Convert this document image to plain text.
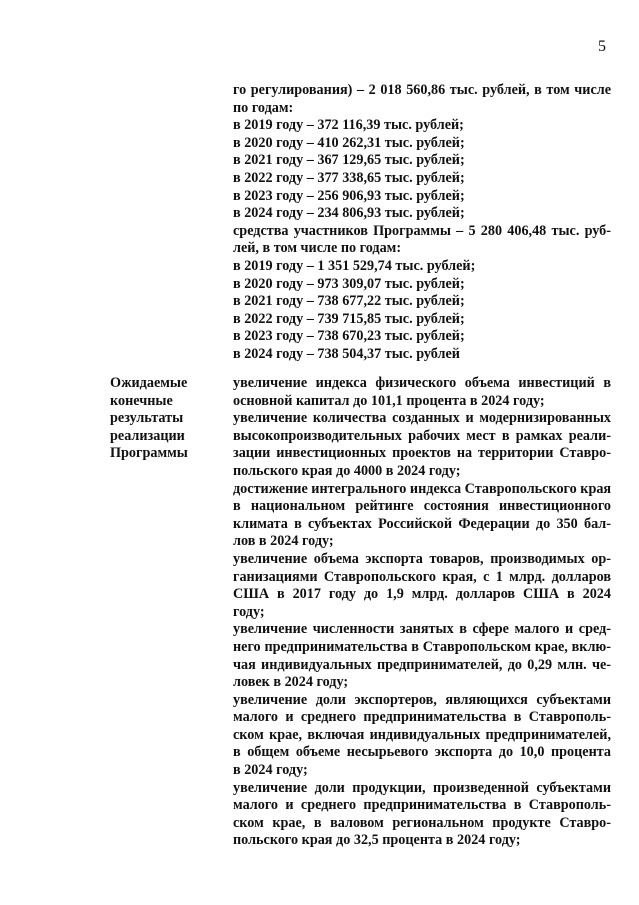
5
го регулирования) – 2 018 560,86 тыс. рублей, в том числе
по годам:
в 2019 году – 372 116,39 тыс. рублей;
в 2020 году – 410 262,31 тыс. рублей;
в 2021 году – 367 129,65 тыс. рублей;
в 2022 году – 377 338,65 тыс. рублей;
в 2023 году – 256 906,93 тыс. рублей;
в 2024 году – 234 806,93 тыс. рублей;
средства участников Программы – 5 280 406,48 тыс. руб-
лей, в том числе по годам:
в 2019 году – 1 351 529,74 тыс. рублей;
в 2020 году – 973 309,07 тыс. рублей;
в 2021 году – 738 677,22 тыс. рублей;
в 2022 году – 739 715,85 тыс. рублей;
в 2023 году – 738 670,23 тыс. рублей;
в 2024 году – 738 504,37 тыс. рублей
Ожидаемые
конечные
результаты
реализации
Программы
увеличение индекса физического объема инвестиций в
основной капитал до 101,1 процента в 2024 году;
увеличение количества созданных и модернизированных
высокопроизводительных рабочих мест в рамках реали-
зации инвестиционных проектов на территории Ставро-
польского края до 4000 в 2024 году;
достижение интегрального индекса Ставропольского края
в национальном рейтинге состояния инвестиционного
климата в субъектах Российской Федерации до 350 бал-
лов в 2024 году;
увеличение объема экспорта товаров, производимых ор-
ганизациями Ставропольского края, с 1 млрд. долларов
США в 2017 году до 1,9 млрд. долларов США в 2024
году;
увеличение численности занятых в сфере малого и сред-
него предпринимательства в Ставропольском крае, вклю-
чая индивидуальных предпринимателей, до 0,29 млн. че-
ловек в 2024 году;
увеличение доли экспортеров, являющихся субъектами
малого и среднего предпринимательства в Ставрополь-
ском крае, включая индивидуальных предпринимателей,
в общем объеме несырьевого экспорта до 10,0 процента
в 2024 году;
увеличение доли продукции, произведенной субъектами
малого и среднего предпринимательства в Ставрополь-
ском крае, в валовом региональном продукте Ставро-
польского края до 32,5 процента в 2024 году;
